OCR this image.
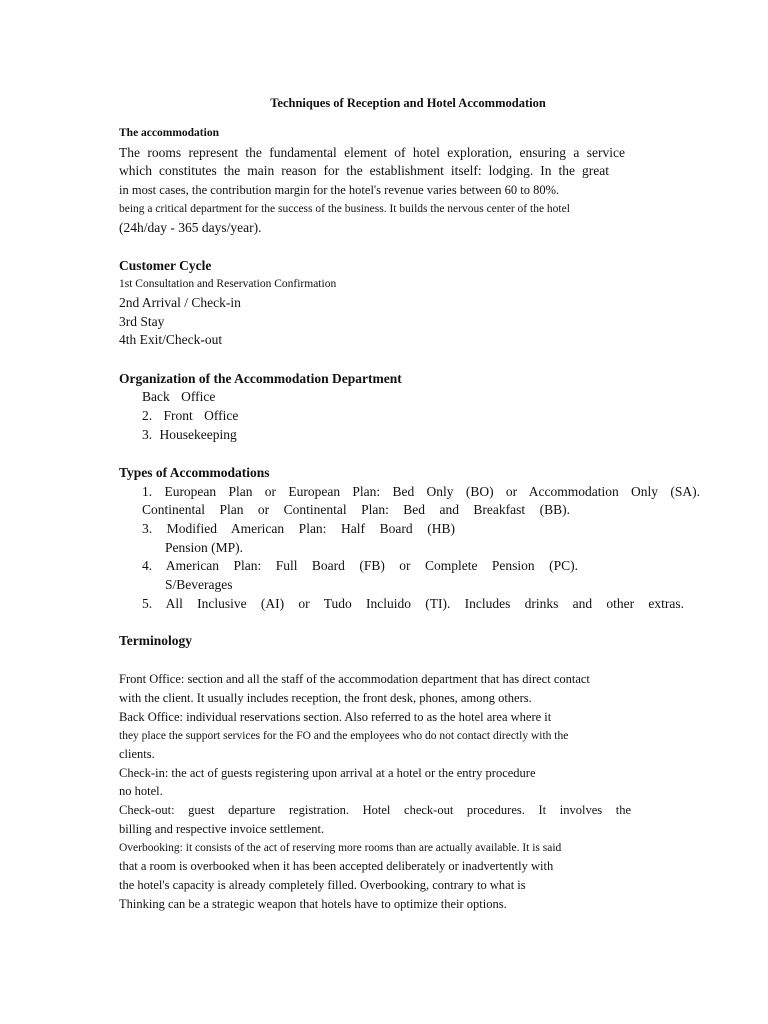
Techniques of Reception and Hotel Accommodation
The accommodation
The rooms represent the fundamental element of hotel exploration, ensuring a service
which constitutes the main reason for the establishment itself: lodging. In the great
in most cases, the contribution margin for the hotel's revenue varies between 60 to 80%.
being a critical department for the success of the business. It builds the nervous center of the hotel
(24h/day - 365 days/year).
Customer Cycle
1st Consultation and Reservation Confirmation
2nd Arrival / Check-in
3rd Stay
4th Exit/Check-out
Organization of the Accommodation Department
Back Office
2. Front Office
3. Housekeeping
Types of Accommodations
1. European Plan or European Plan: Bed Only (BO) or Accommodation Only (SA).
Continental Plan or Continental Plan: Bed and Breakfast (BB).
3. Modified American Plan: Half Board (HB)
Pension (MP).
4. American Plan: Full Board (FB) or Complete Pension (PC).
S/Beverages
5. All Inclusive (AI) or Tudo Incluido (TI). Includes drinks and other extras.
Terminology
Front Office: section and all the staff of the accommodation department that has direct contact
with the client. It usually includes reception, the front desk, phones, among others.
Back Office: individual reservations section. Also referred to as the hotel area where it
they place the support services for the FO and the employees who do not contact directly with the
clients.
Check-in: the act of guests registering upon arrival at a hotel or the entry procedure
no hotel.
Check-out: guest departure registration. Hotel check-out procedures. It involves the
billing and respective invoice settlement.
Overbooking: it consists of the act of reserving more rooms than are actually available. It is said
that a room is overbooked when it has been accepted deliberately or inadvertently with
the hotel's capacity is already completely filled. Overbooking, contrary to what is
Thinking can be a strategic weapon that hotels have to optimize their options.
